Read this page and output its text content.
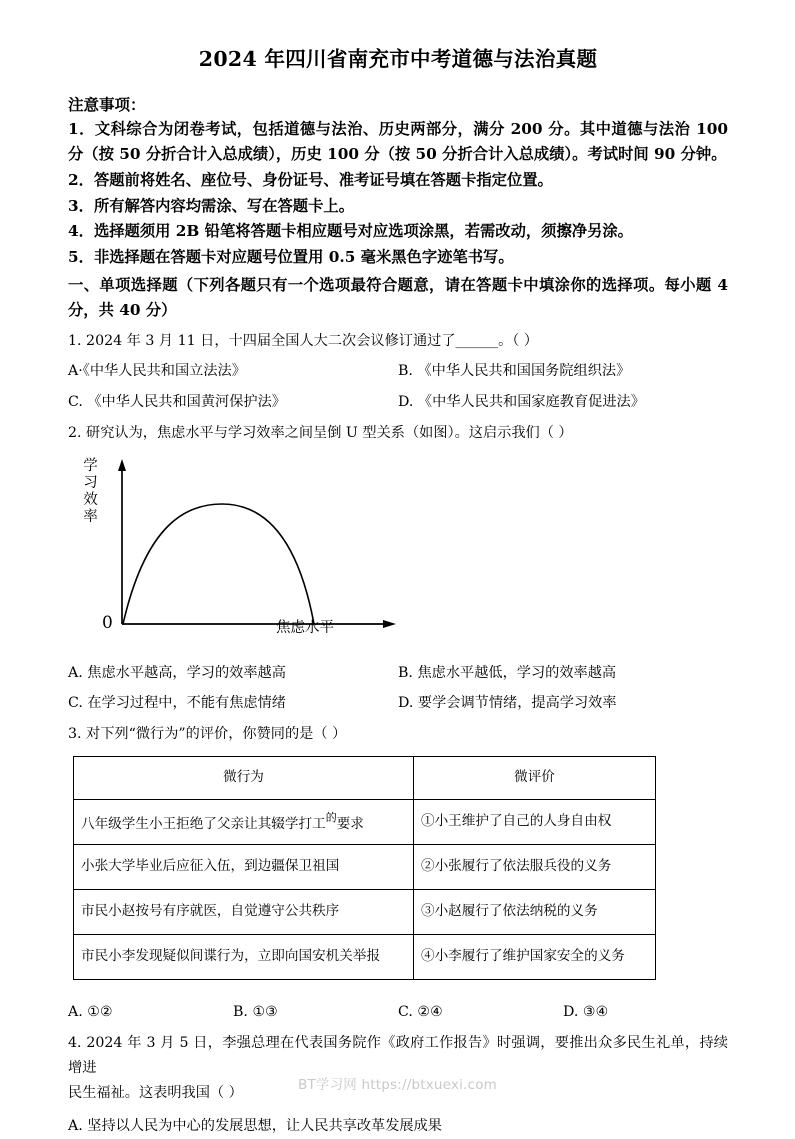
2024 年四川省南充市中考道德与法治真题
注意事项：

1．文科综合为闭卷考试，包括道德与法治、历史两部分，满分 200 分。其中道德与法治 100 分（按 50 分折合计入总成绩），历史 100 分（按 50 分折合计入总成绩）。考试时间 90 分钟。

2．答题前将姓名、座位号、身份证号、准考证号填在答题卡指定位置。

3．所有解答内容均需涂、写在答题卡上。

4．选择题须用 2B 铅笔将答题卡相应题号对应选项涂黑，若需改动，须擦净另涂。

5．非选择题在答题卡对应题号位置用 0.5 毫米黑色字迹笔书写。

一、单项选择题（下列各题只有一个选项最符合题意，请在答题卡中填涂你的选择项。每小题 4 分，共 40 分）

1. 2024 年 3 月 11 日，十四届全国人大二次会议修订通过了______。（ ）

A·《中华人民共和国立法法》	B. 《中华人民共和国国务院组织法》
C. 《中华人民共和国黄河保护法》	D. 《中华人民共和国家庭教育促进法》

2. 研究认为，焦虑水平与学习效率之间呈倒 U 型关系（如图）。这启示我们（ ）

学
习
效
率
0	焦虑水平
A. 焦虑水平越高，学习的效率越高	B. 焦虑水平越低，学习的效率越高
C. 在学习过程中，不能有焦虑情绪	D. 要学会调节情绪，提高学习效率

3. 对下列“微行为”的评价，你赞同的是（ ）

微行为	微评价
八年级学生小王拒绝了父亲让其辍学打工$^的$要求	①小王维护了自己的人身自由权
小张大学毕业后应征入伍，到边疆保卫祖国	②小张履行了依法服兵役的义务
市民小赵按号有序就医，自觉遵守公共秩序	③小赵履行了依法纳税的义务
市民小李发现疑似间谍行为，立即向国安机关举报	④小李履行了维护国家安全的义务
A. ①②	B. ①③	C. ②④	D. ③④

4. 2024 年 3 月 5 日，李强总理在代表国务院作《政府工作报告》时强调，要推出众多民生礼单，持续增进

民生福祉。这表明我国（ ）

A. 坚持以人民为中心的发展思想，让人民共享改革发展成果
BT学习网 https://btxuexi.com
